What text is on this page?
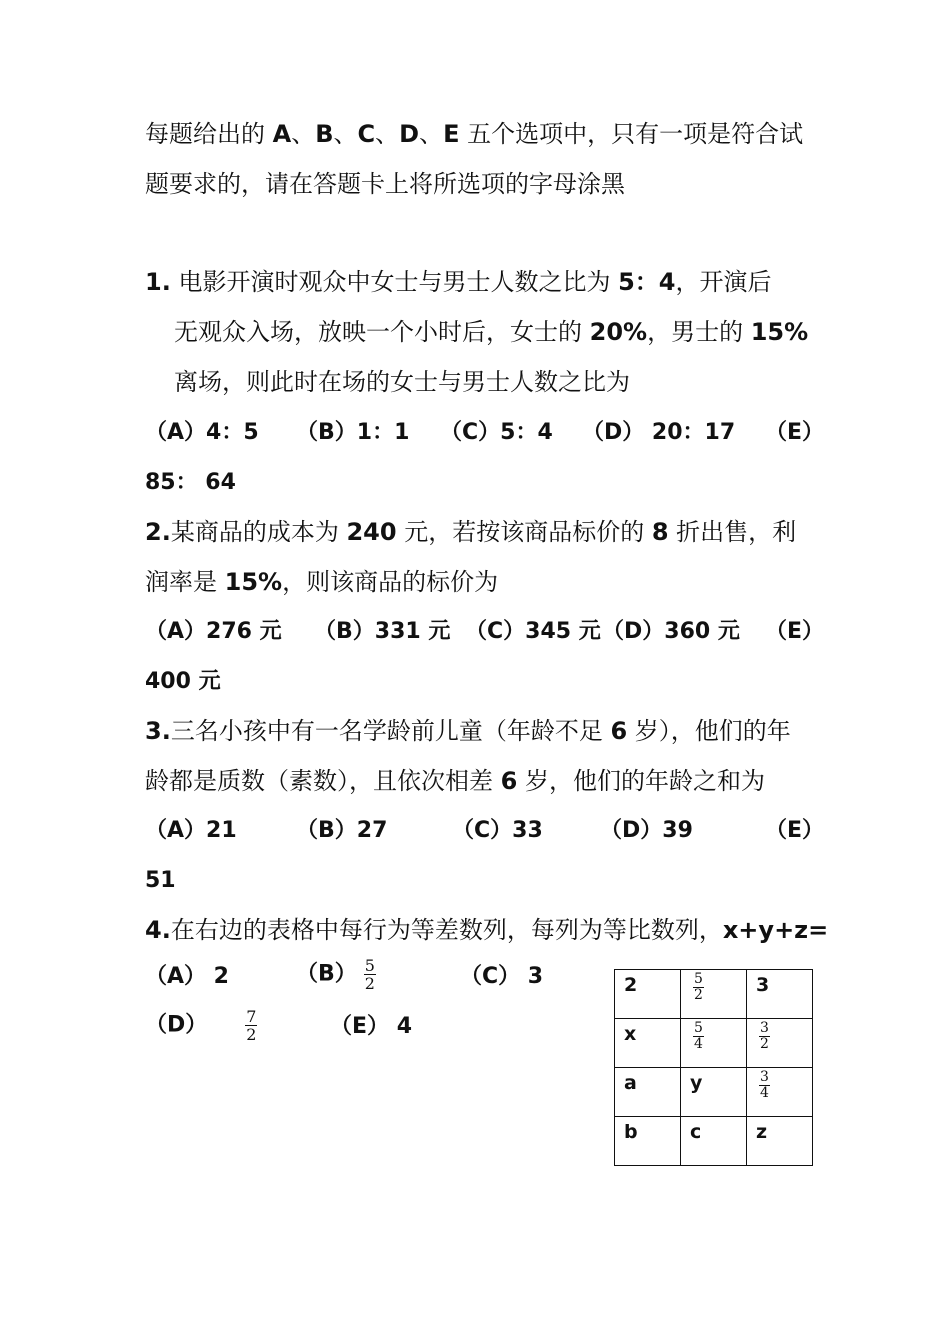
每题给出的 A、B、C、D、E 五个选项中，只有一项是符合试
题要求的，请在答题卡上将所选项的字母涂黑
1. 电影开演时观众中女士与男士人数之比为 5：4，开演后
无观众入场，放映一个小时后，女士的 20%，男士的 15%
离场，则此时在场的女士与男士人数之比为
（A）4：5 （B）1：1 （C）5：4 （D） 20：17 （E）
85： 64
2.某商品的成本为 240 元，若按该商品标价的 8 折出售，利
润率是 15%，则该商品的标价为
（A）276 元 （B）331 元 （C）345 元 （D）360 元 （E）
400 元
3.三名小孩中有一名学龄前儿童（年龄不足 6 岁），他们的年
龄都是质数（素数），且依次相差 6 岁，他们的年龄之和为
（A）21	（B）27	（C）33	（D）39	（E）
51
4.在右边的表格中每行为等差数列，每列为等比数列，x+y+z=
（A） 2	$(B) \frac{5}{2}$	（C） 3
$(D) \frac{7}{2}$	（E） 4
2	$\frac{5}{2}$	3
x	$\frac{5}{4}$	$\frac{3}{2}$

a	y	$\frac{3}{4}$

b	c	z
